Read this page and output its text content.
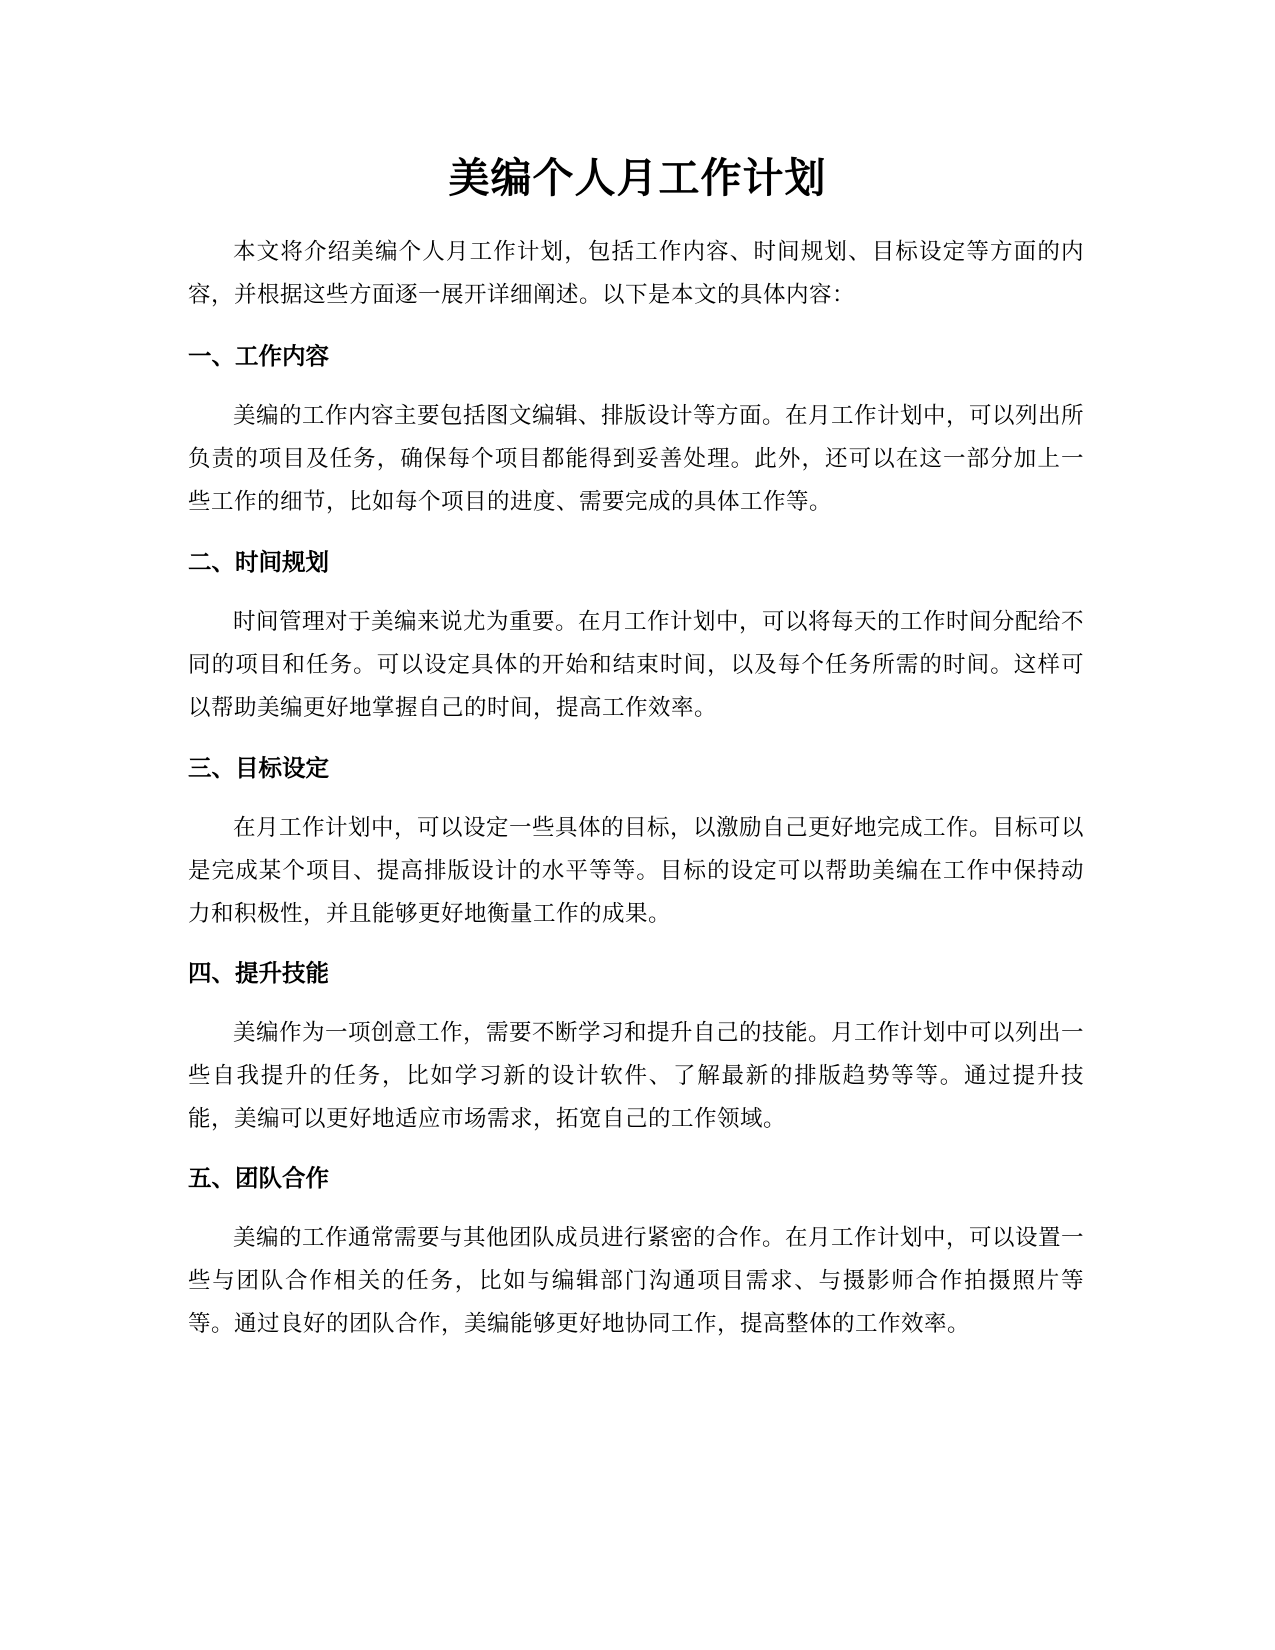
美编个人月工作计划

本文将介绍美编个人月工作计划，包括工作内容、时间规划、目标设定等方面的内容，并根据这些方面逐一展开详细阐述。以下是本文的具体内容：

一、工作内容

美编的工作内容主要包括图文编辑、排版设计等方面。在月工作计划中，可以列出所负责的项目及任务，确保每个项目都能得到妥善处理。此外，还可以在这一部分加上一些工作的细节，比如每个项目的进度、需要完成的具体工作等。

二、时间规划

时间管理对于美编来说尤为重要。在月工作计划中，可以将每天的工作时间分配给不同的项目和任务。可以设定具体的开始和结束时间，以及每个任务所需的时间。这样可以帮助美编更好地掌握自己的时间，提高工作效率。

三、目标设定

在月工作计划中，可以设定一些具体的目标，以激励自己更好地完成工作。目标可以是完成某个项目、提高排版设计的水平等等。目标的设定可以帮助美编在工作中保持动力和积极性，并且能够更好地衡量工作的成果。

四、提升技能

美编作为一项创意工作，需要不断学习和提升自己的技能。月工作计划中可以列出一些自我提升的任务，比如学习新的设计软件、了解最新的排版趋势等等。通过提升技能，美编可以更好地适应市场需求，拓宽自己的工作领域。

五、团队合作

美编的工作通常需要与其他团队成员进行紧密的合作。在月工作计划中，可以设置一些与团队合作相关的任务，比如与编辑部门沟通项目需求、与摄影师合作拍摄照片等等。通过良好的团队合作，美编能够更好地协同工作，提高整体的工作效率。
